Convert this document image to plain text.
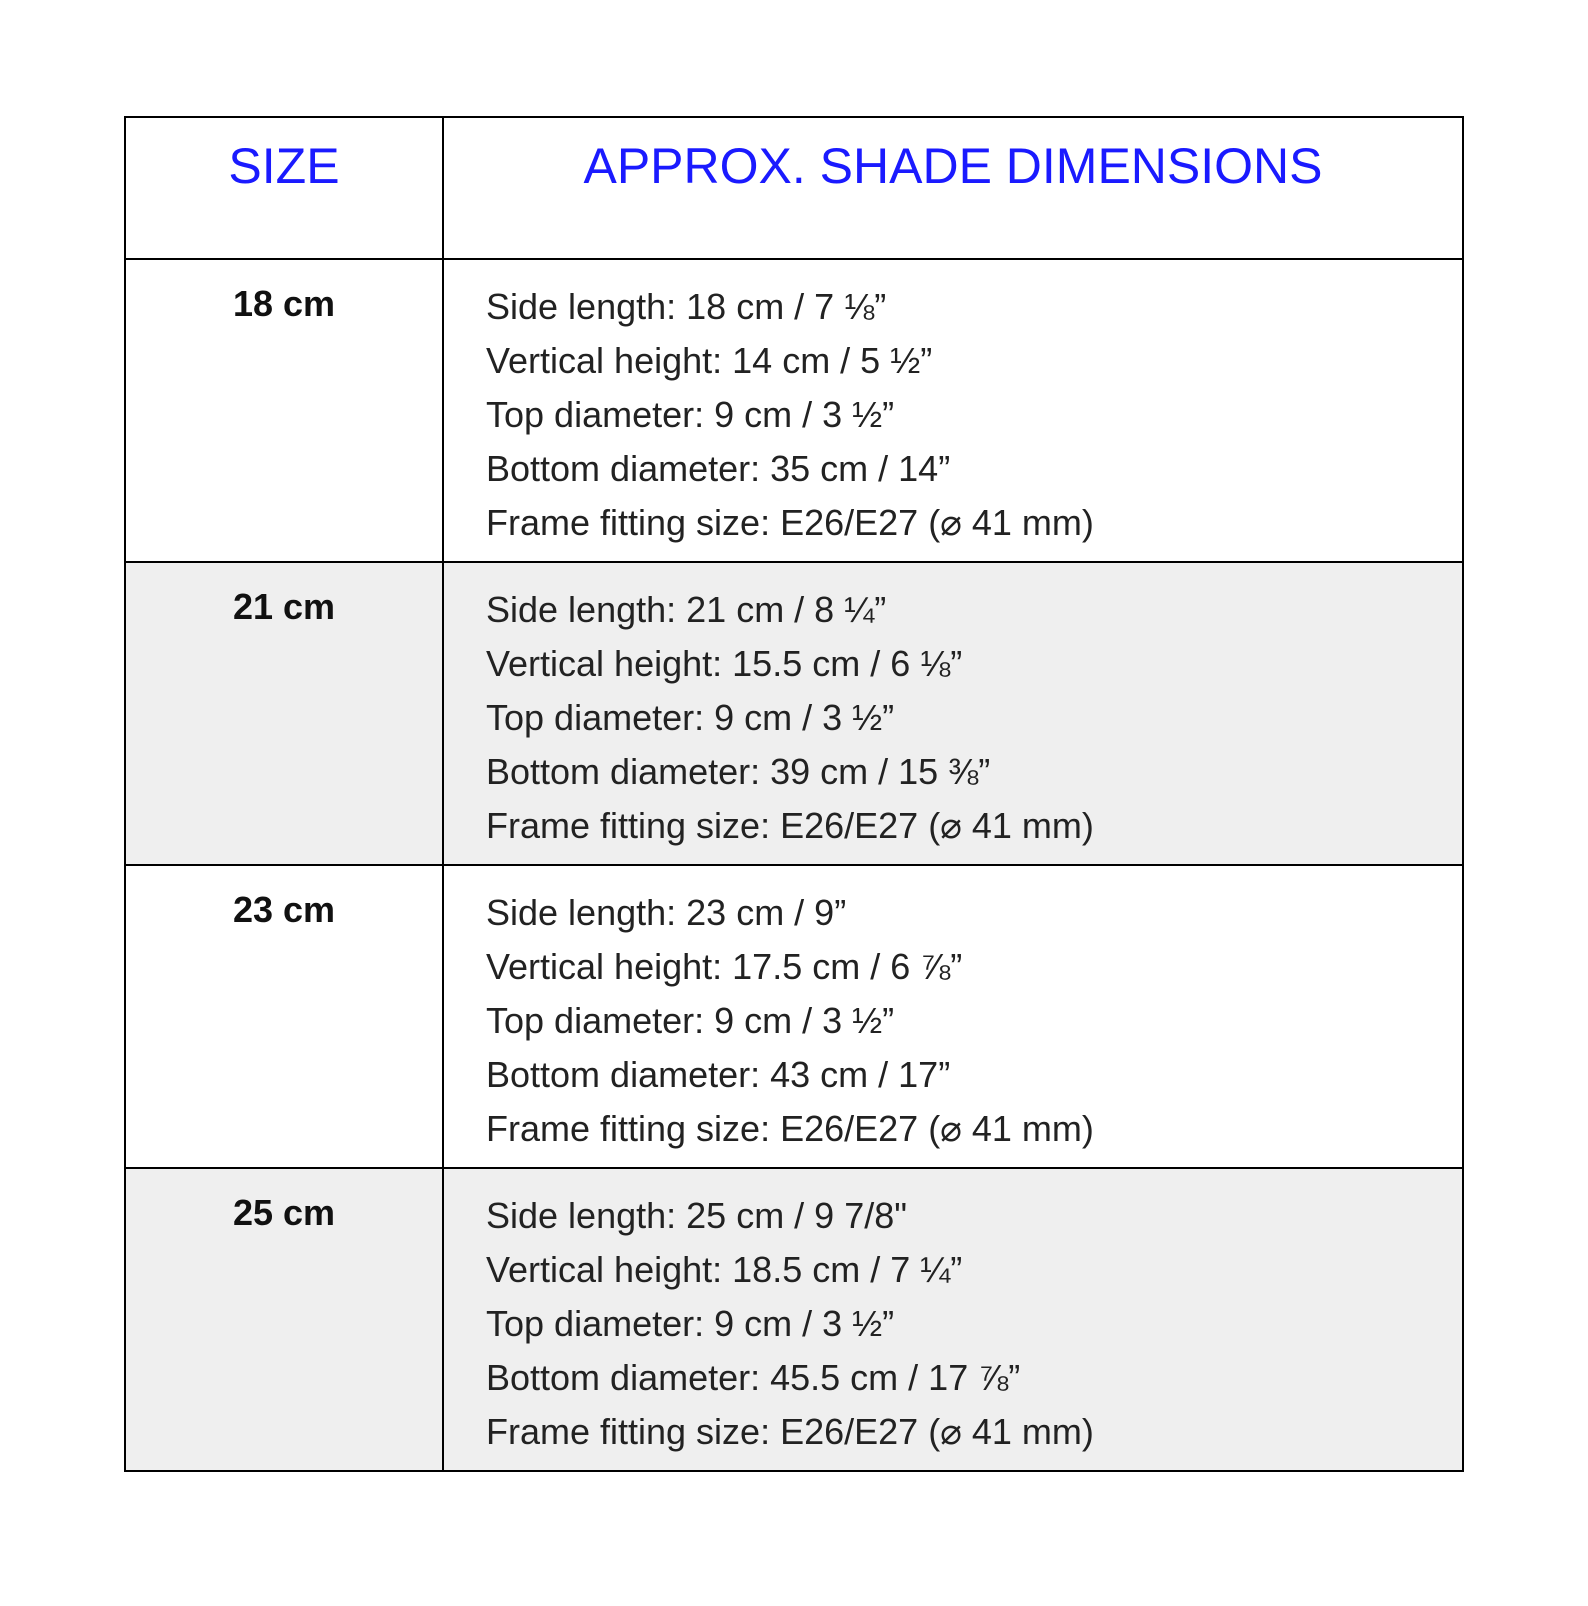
SIZE	APPROX. SHADE DIMENSIONS
18 cm	Side length: 18 cm / 7 ⅛”
Vertical height: 14 cm / 5 ½”
Top diameter: 9 cm / 3 ½”
Bottom diameter: 35 cm / 14”
Frame fitting size: E26/E27 (⌀ 41 mm)

21 cm	Side length: 21 cm / 8 ¼”
Vertical height: 15.5 cm / 6 ⅛”
Top diameter: 9 cm / 3 ½”
Bottom diameter: 39 cm / 15 ⅜”
Frame fitting size: E26/E27 (⌀ 41 mm)

23 cm	Side length: 23 cm / 9”
Vertical height: 17.5 cm / 6 ⅞”
Top diameter: 9 cm / 3 ½”
Bottom diameter: 43 cm / 17”
Frame fitting size: E26/E27 (⌀ 41 mm)

25 cm	Side length: 25 cm / 9 7/8"
Vertical height: 18.5 cm / 7 ¼”
Top diameter: 9 cm / 3 ½”
Bottom diameter: 45.5 cm / 17 ⅞”
Frame fitting size: E26/E27 (⌀ 41 mm)
